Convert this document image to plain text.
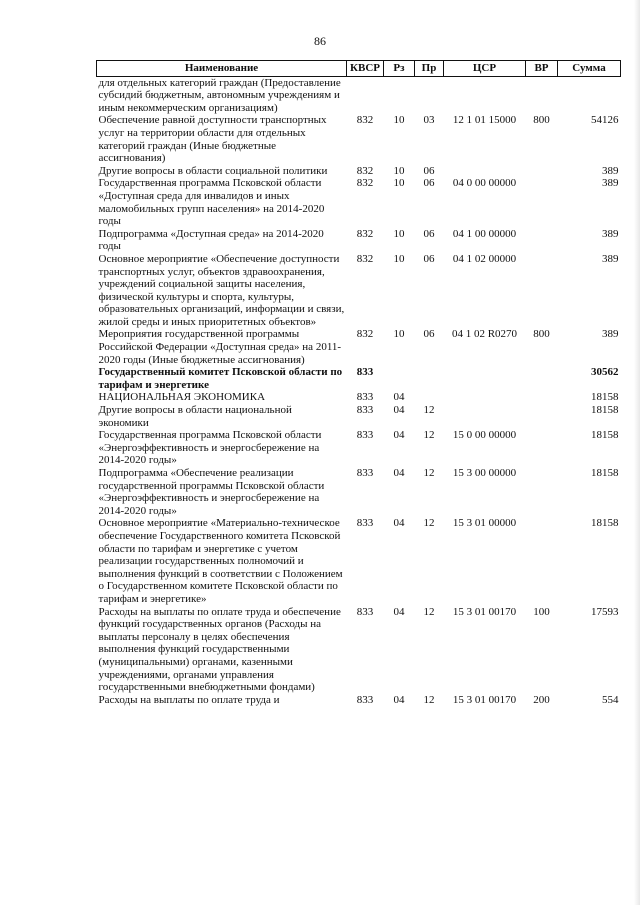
86
Наименование	КВСР	Рз	Пр	ЦСР	ВР	Сумма
для отдельных категорий граждан (Предоставление субсидий бюджетным, автономным учреждениям и иным некоммерческим организациям)						
Обеспечение равной доступности транспортных услуг на территории области для отдельных категорий граждан (Иные бюджетные ассигнования)	832	10	03	12 1 01 15000	800	54126
Другие вопросы в области социальной политики	832	10	06			389
Государственная программа Псковской области «Доступная среда для инвалидов и иных маломобильных групп населения» на 2014-2020 годы	832	10	06	04 0 00 00000		389
Подпрограмма «Доступная среда» на 2014-2020 годы	832	10	06	04 1 00 00000		389
Основное мероприятие «Обеспечение доступности транспортных услуг, объектов здравоохранения, учреждений социальной защиты населения, физической культуры и спорта, культуры, образовательных организаций, информации и связи, жилой среды и иных приоритетных объектов»	832	10	06	04 1 02 00000		389
Мероприятия государственной программы Российской Федерации «Доступная среда» на 2011-2020 годы (Иные бюджетные ассигнования)	832	10	06	04 1 02 R0270	800	389
Государственный комитет Псковской области по тарифам и энергетике	833					30562
НАЦИОНАЛЬНАЯ ЭКОНОМИКА	833	04				18158
Другие вопросы в области национальной экономики	833	04	12			18158
Государственная программа Псковской области «Энергоэффективность и энергосбережение на 2014-2020 годы»	833	04	12	15 0 00 00000		18158
Подпрограмма «Обеспечение реализации государственной программы Псковской области «Энергоэффективность и энергосбережение на 2014-2020 годы»	833	04	12	15 3 00 00000		18158
Основное мероприятие «Материально-техническое обеспечение Государственного комитета Псковской области по тарифам и энергетике с учетом реализации государственных полномочий и выполнения функций в соответствии с Положением о Государственном комитете Псковской области по тарифам и энергетике»	833	04	12	15 3 01 00000		18158
Расходы на выплаты по оплате труда и обеспечение функций государственных органов (Расходы на выплаты персоналу в целях обеспечения выполнения функций государственными (муниципальными) органами, казенными учреждениями, органами управления государственными внебюджетными фондами)	833	04	12	15 3 01 00170	100	17593
Расходы на выплаты по оплате труда и	833	04	12	15 3 01 00170	200	554
